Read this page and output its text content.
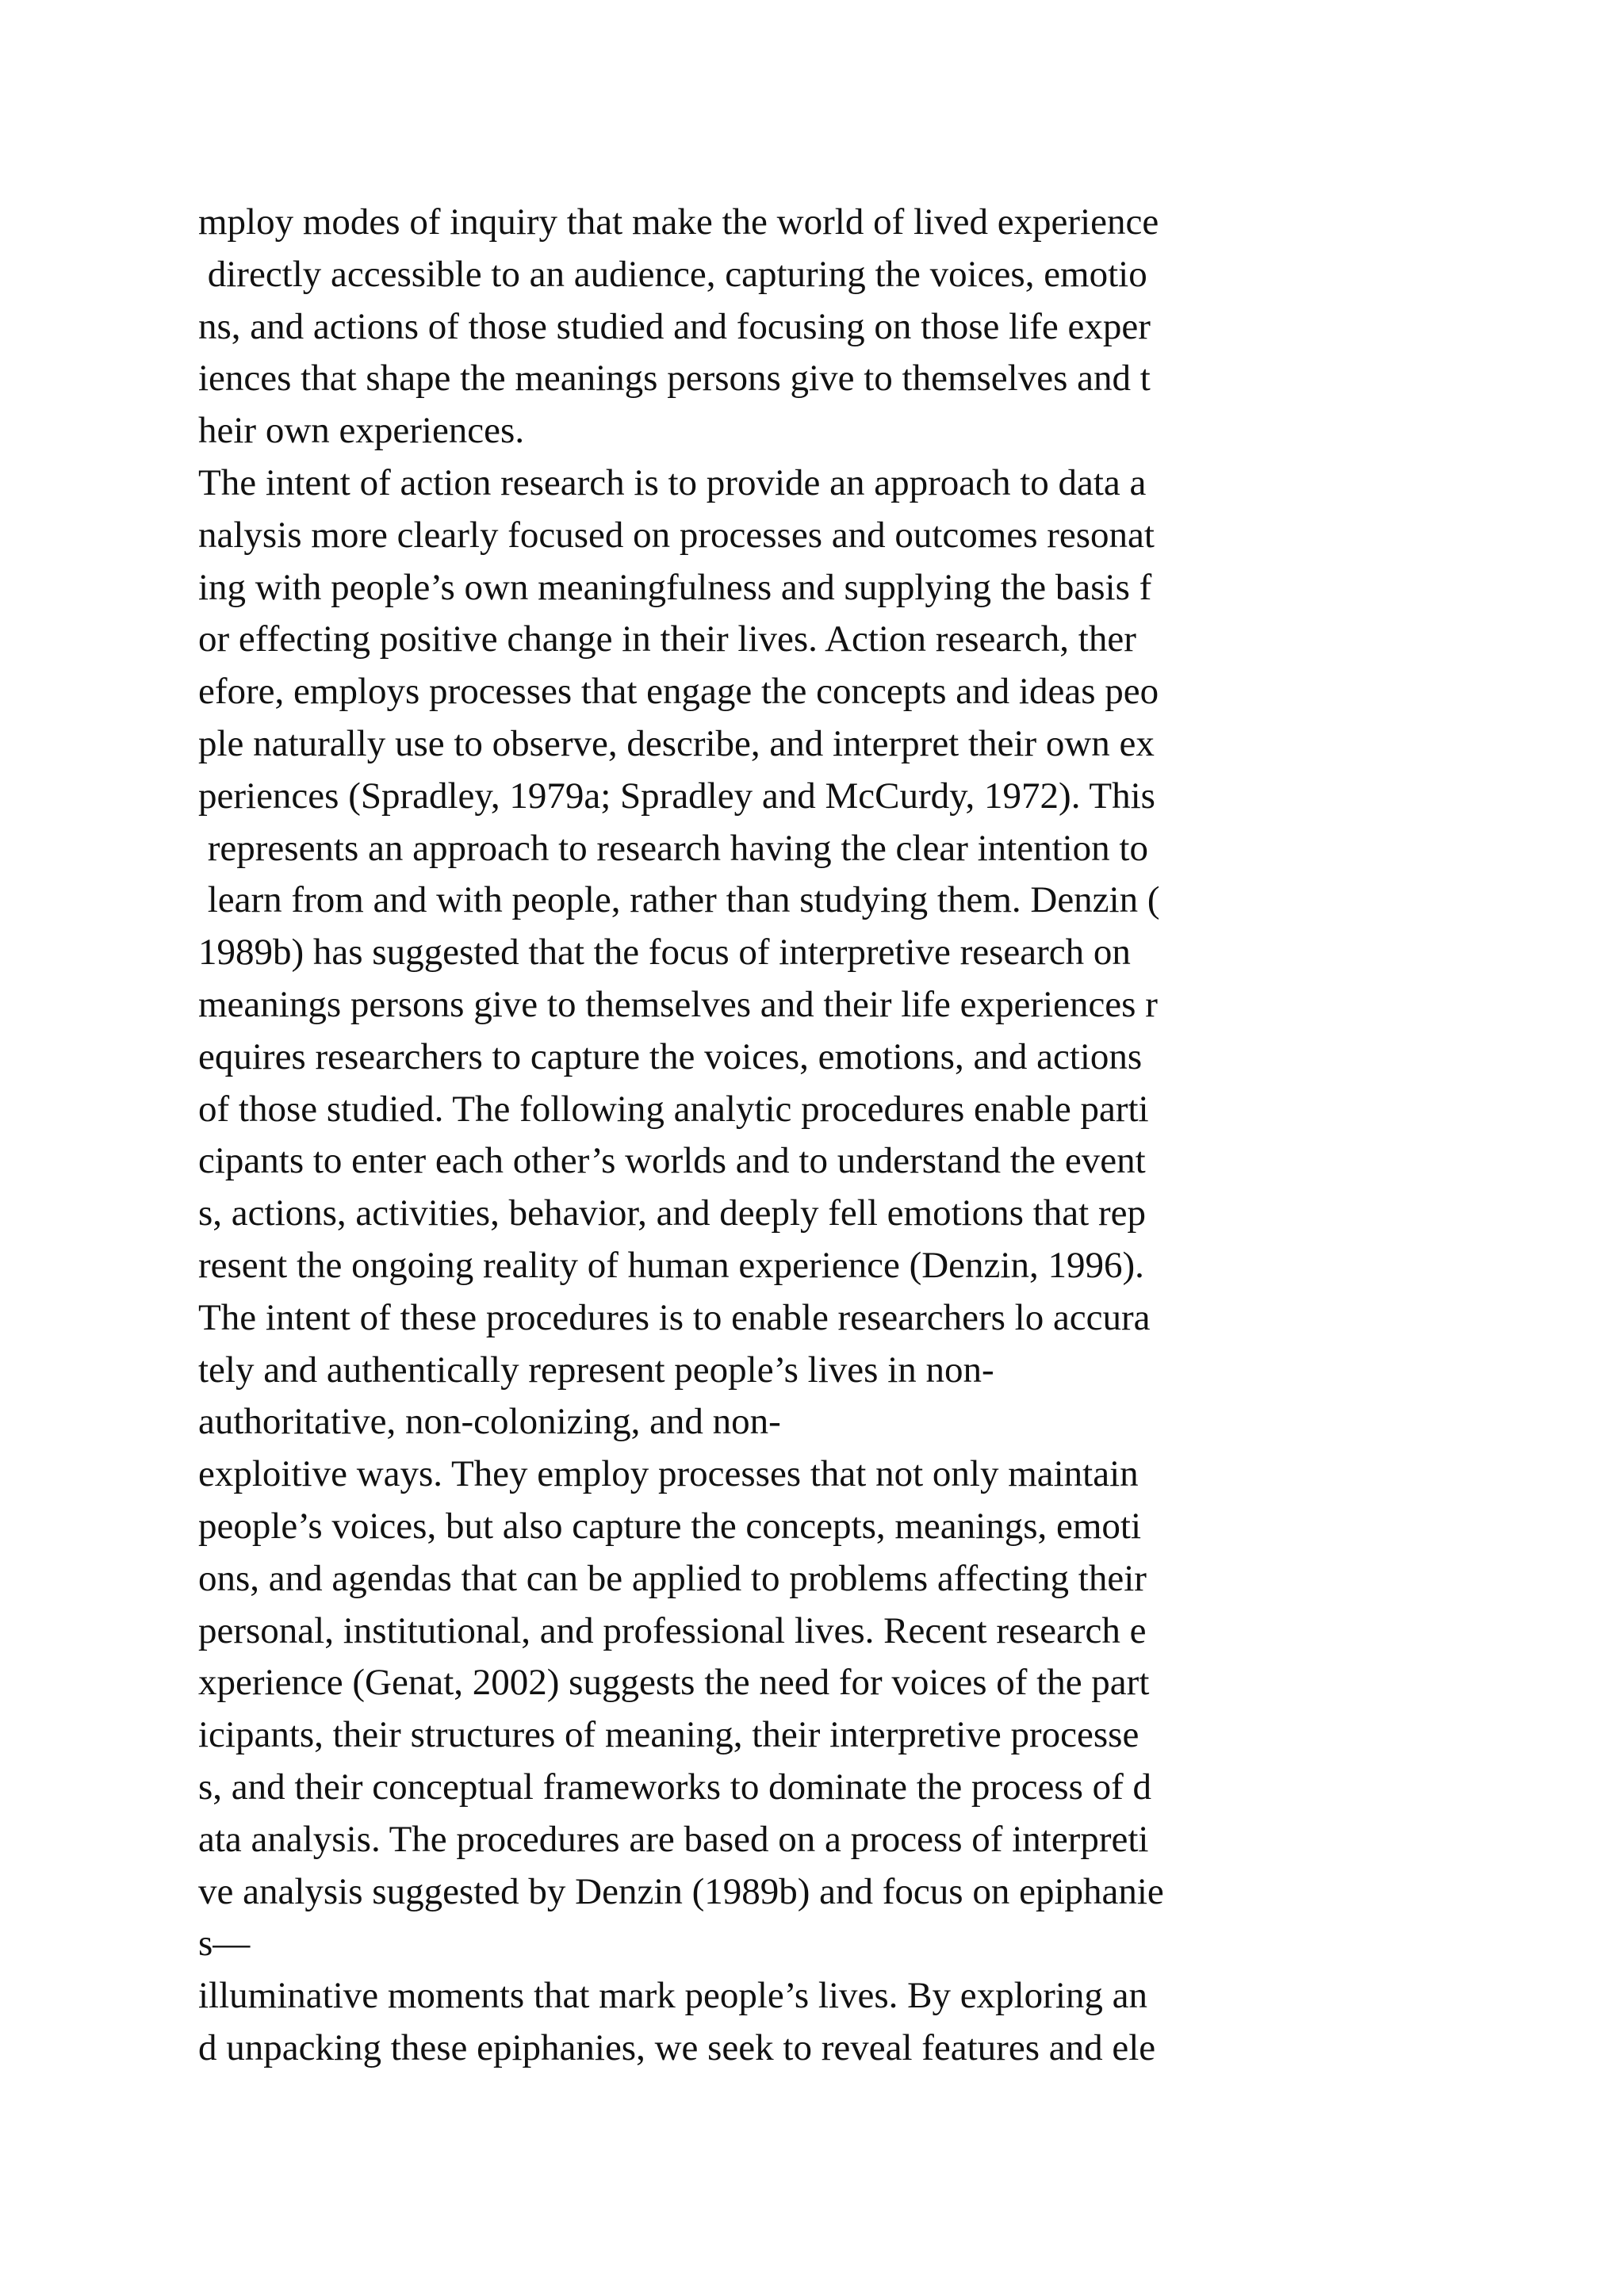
mploy modes of inquiry that make the world of lived experience
directly accessible to an audience, capturing the voices, emotio
ns, and actions of those studied and focusing on those life exper
iences that shape the meanings persons give to themselves and t
heir own experiences.
The intent of action research is to provide an approach to data a
nalysis more clearly focused on processes and outcomes resonat
ing with people’s own meaningfulness and supplying the basis f
or effecting positive change in their lives. Action research, ther
efore, employs processes that engage the concepts and ideas peo
ple naturally use to observe, describe, and interpret their own ex
periences (Spradley, 1979a; Spradley and McCurdy, 1972). This
represents an approach to research having the clear intention to
learn from and with people, rather than studying them. Denzin (
1989b) has suggested that the focus of interpretive research on
meanings persons give to themselves and their life experiences r
equires researchers to capture the voices, emotions, and actions
of those studied. The following analytic procedures enable parti
cipants to enter each other’s worlds and to understand the event
s, actions, activities, behavior, and deeply fell emotions that rep
resent the ongoing reality of human experience (Denzin, 1996).
The intent of these procedures is to enable researchers lo accura
tely and authentically represent people’s lives in non-
authoritative, non-colonizing, and non-
exploitive ways. They employ processes that not only maintain
people’s voices, but also capture the concepts, meanings, emoti
ons, and agendas that can be applied to problems affecting their
personal, institutional, and professional lives. Recent research e
xperience (Genat, 2002) suggests the need for voices of the part
icipants, their structures of meaning, their interpretive processe
s, and their conceptual frameworks to dominate the process of d
ata analysis. The procedures are based on a process of interpreti
ve analysis suggested by Denzin (1989b) and focus on epiphanie
s—
illuminative moments that mark people’s lives. By exploring an
d unpacking these epiphanies, we seek to reveal features and ele
